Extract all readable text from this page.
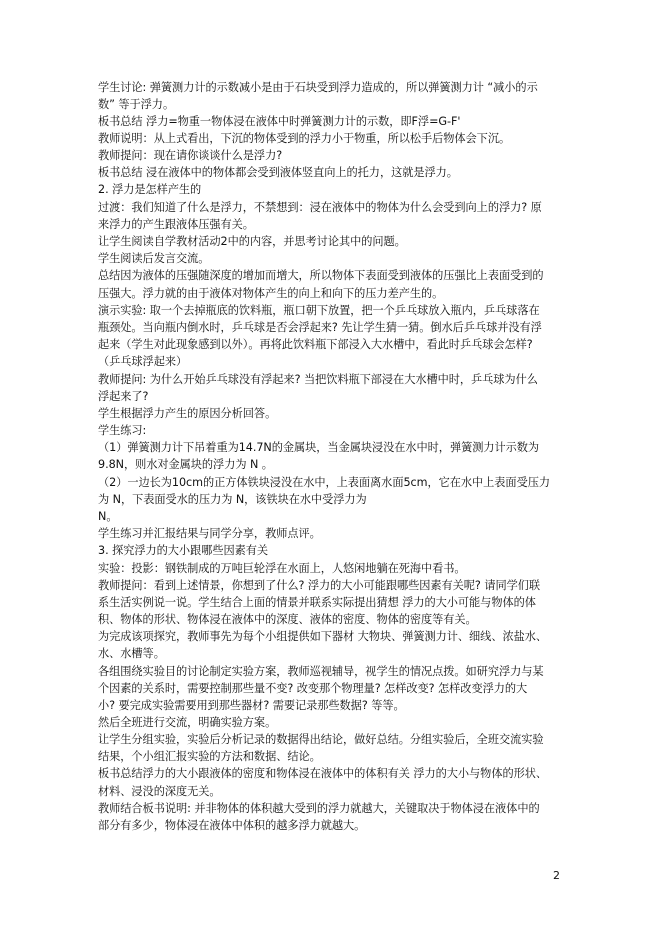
学生讨论: 弹簧测力计的示数减小是由于石块受到浮力造成的，所以弹簧测力计 “减小的示
数” 等于浮力。
板书总结 浮力=物重一物体浸在液体中时弹簧测力计的示数，即F浮=G-F'
教师说明：从上式看出，下沉的物体受到的浮力小于物重，所以松手后物体会下沉。
教师提问：现在请你谈谈什么是浮力?
板书总结 浸在液体中的物体都会受到液体竖直向上的托力，这就是浮力。
2. 浮力是怎样产生的
过渡：我们知道了什么是浮力，不禁想到：浸在液体中的物体为什么会受到向上的浮力? 原
来浮力的产生跟液体压强有关。
让学生阅读自学教材活动2中的内容，并思考讨论其中的问题。
学生阅读后发言交流。
总结因为液体的压强随深度的增加而增大，所以物体下表面受到液体的压强比上表面受到的
压强大。浮力就的由于液体对物体产生的向上和向下的压力差产生的。
演示实验: 取一个去掉瓶底的饮料瓶，瓶口朝下放置，把一个乒乓球放入瓶内，乒乓球落在
瓶颈处。当向瓶内倒水时，乒乓球是否会浮起来? 先让学生猜一猜。倒水后乒乓球并没有浮
起来（学生对此现象感到以外）。再将此饮料瓶下部浸入大水槽中，看此时乒乓球会怎样?
（乒乓球浮起来）
教师提问: 为什么开始乒乓球没有浮起来? 当把饮料瓶下部浸在大水槽中时，乒乓球为什么
浮起来了?
学生根据浮力产生的原因分析回答。
学生练习:
（1）弹簧测力计下吊着重为14.7N的金属块，当金属块浸没在水中时，弹簧测力计示数为
9.8N，则水对金属块的浮力为 N 。
（2）一边长为10cm的正方体铁块浸没在水中，上表面离水面5cm，它在水中上表面受压力
为 N，下表面受水的压力为 N，该铁块在水中受浮力为
N。
学生练习并汇报结果与同学分享，教师点评。
3. 探究浮力的大小跟哪些因素有关
实验：投影：钢铁制成的万吨巨轮浮在水面上，人悠闲地躺在死海中看书。
教师提问：看到上述情景，你想到了什么? 浮力的大小可能跟哪些因素有关呢? 请同学们联
系生活实例说一说。学生结合上面的情景并联系实际提出猜想 浮力的大小可能与物体的体
积、物体的形状、物体浸在液体中的深度、液体的密度、物体的密度等有关。
为完成该项探究，教师事先为每个小组提供如下器材 大物块、弹簧测力计、细线、浓盐水、
水、水槽等。
各组围绕实验目的讨论制定实验方案，教师巡视辅导，视学生的情况点拨。如研究浮力与某
个因素的关系时，需要控制那些量不变? 改变那个物理量? 怎样改变? 怎样改变浮力的大
小? 要完成实验需要用到那些器材? 需要记录那些数据? 等等。
然后全班进行交流，明确实验方案。
让学生分组实验，实验后分析记录的数据得出结论，做好总结。分组实验后，全班交流实验
结果，个小组汇报实验的方法和数据、结论。
板书总结浮力的大小跟液体的密度和物体浸在液体中的体积有关 浮力的大小与物体的形状、
材料、浸没的深度无关。
教师结合板书说明: 并非物体的体积越大受到的浮力就越大，关键取决于物体浸在液体中的
部分有多少，物体浸在液体中体积的越多浮力就越大。
2
